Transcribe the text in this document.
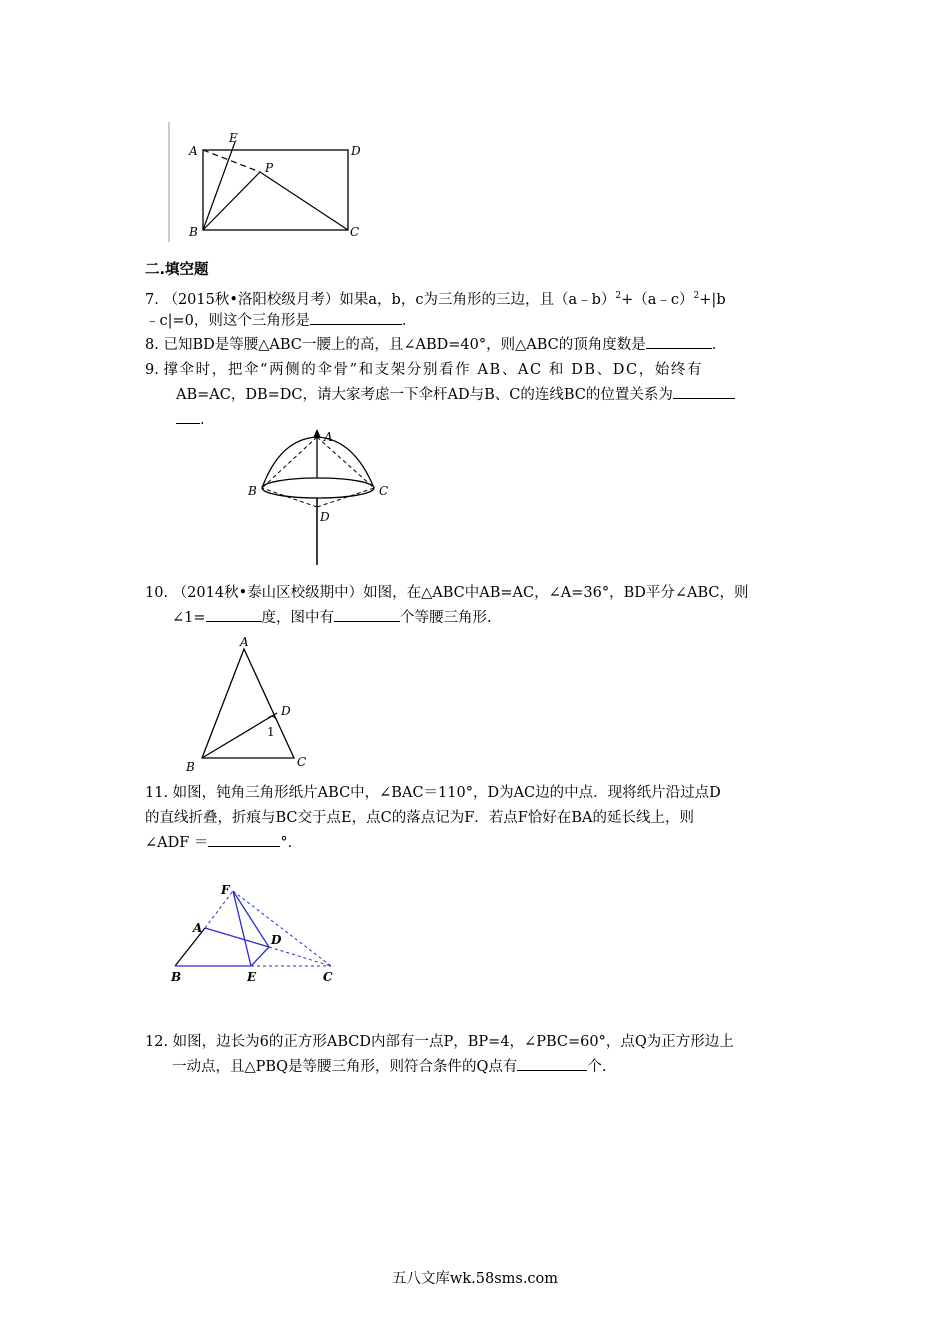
A
E
D
P
B	C
二.填空题
7. （2015秋•洛阳校级月考）如果a，b，c为三角形的三边，且（a﹣b）$^2$+（a﹣c）$^2$+|b
﹣c|=0，则这个三角形是	．
8. 已知BD是等腰△ABC一腰上的高，且∠ABD=40°，则△ABC的顶角度数是	．
9. 撑伞时，把伞“两侧的伞骨”和支架分别看作 AB、AC 和 DB、DC，始终有
AB=AC，DB=DC，请大家考虑一下伞杆AD与B、C的连线BC的位置关系为
.
A
B	C
D
10. （2014秋•泰山区校级期中）如图，在△ABC中AB=AC，∠A=36°，BD平分∠ABC，则
∠1=	度，图中有	个等腰三角形.
A
D
1
B	C
11. 如图，钝角三角形纸片ABC中，∠BAC＝110°，D为AC边的中点．现将纸片沿过点D
的直线折叠，折痕与BC交于点E，点C的落点记为F．若点F恰好在BA的延长线上，则
∠ADF ＝	°．
F
A
D
B	E	C
12. 如图，边长为6的正方形ABCD内部有一点P，BP=4，∠PBC=60°，点Q为正方形边上
一动点，且△PBQ是等腰三角形，则符合条件的Q点有	个.
五八文库wk.58sms.com
